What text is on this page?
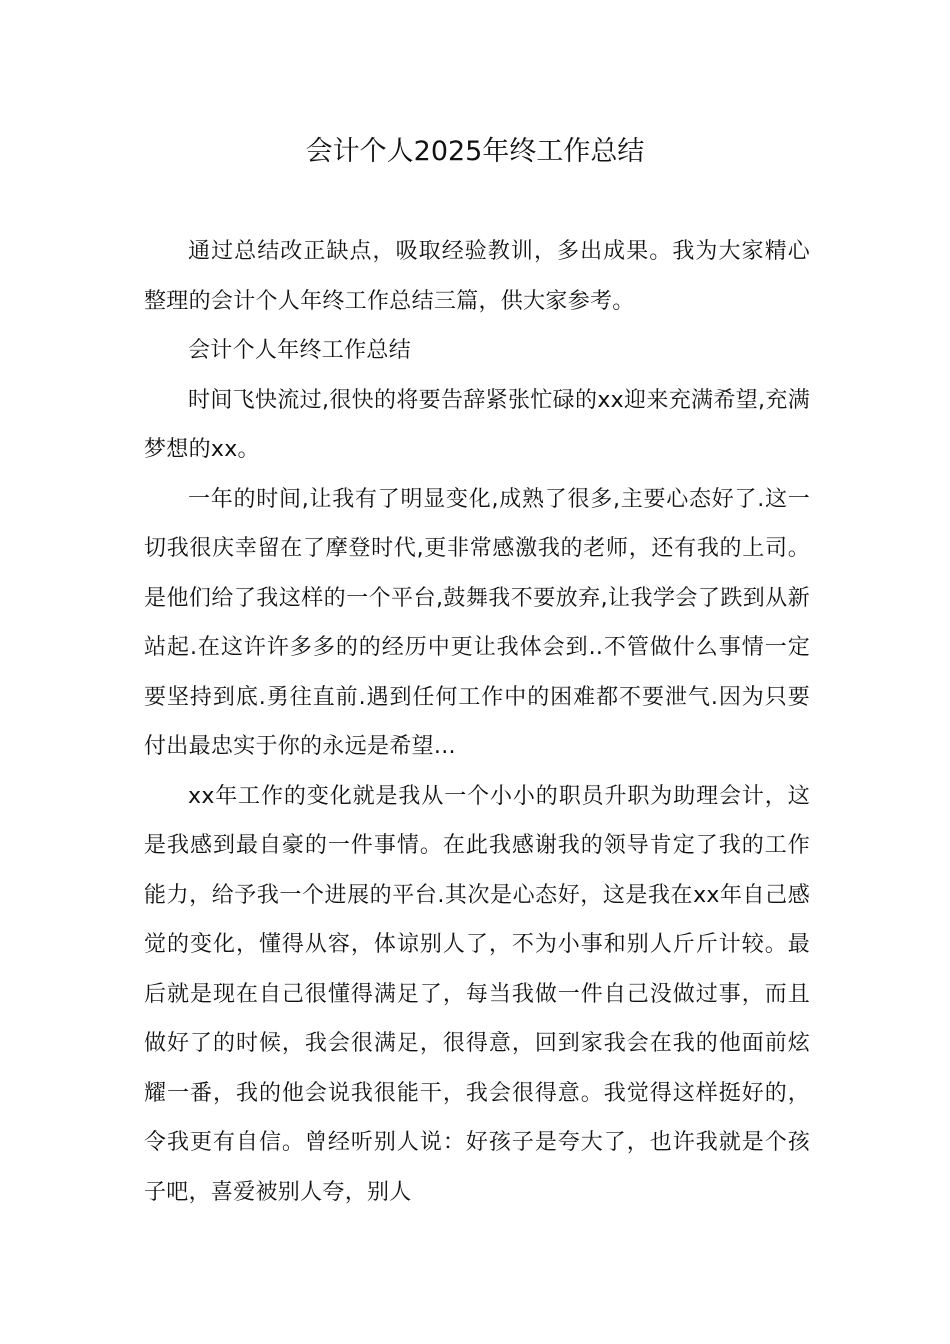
会计个人2025年终工作总结

通过总结改正缺点，吸取经验教训，多出成果。我为大家精心整理的会计个人年终工作总结三篇，供大家参考。

会计个人年终工作总结

时间飞快流过,很快的将要告辞紧张忙碌的xx迎来充满希望,充满梦想的xx。

一年的时间,让我有了明显变化,成熟了很多,主要心态好了.这一切我很庆幸留在了摩登时代,更非常感激我的老师，还有我的上司。是他们给了我这样的一个平台,鼓舞我不要放弃,让我学会了跌到从新站起.在这许许多多的的经历中更让我体会到..不管做什么事情一定要坚持到底.勇往直前.遇到任何工作中的困难都不要泄气.因为只要付出最忠实于你的永远是希望...

xx年工作的变化就是我从一个小小的职员升职为助理会计，这是我感到最自豪的一件事情。在此我感谢我的领导肯定了我的工作能力，给予我一个进展的平台.其次是心态好，这是我在xx年自己感觉的变化，懂得从容，体谅别人了，不为小事和别人斤斤计较。最后就是现在自己很懂得满足了，每当我做一件自己没做过事，而且做好了的时候，我会很满足，很得意，回到家我会在我的他面前炫耀一番，我的他会说我很能干，我会很得意。我觉得这样挺好的，令我更有自信。曾经听别人说：好孩子是夸大了，也许我就是个孩子吧，喜爱被别人夸，别人
